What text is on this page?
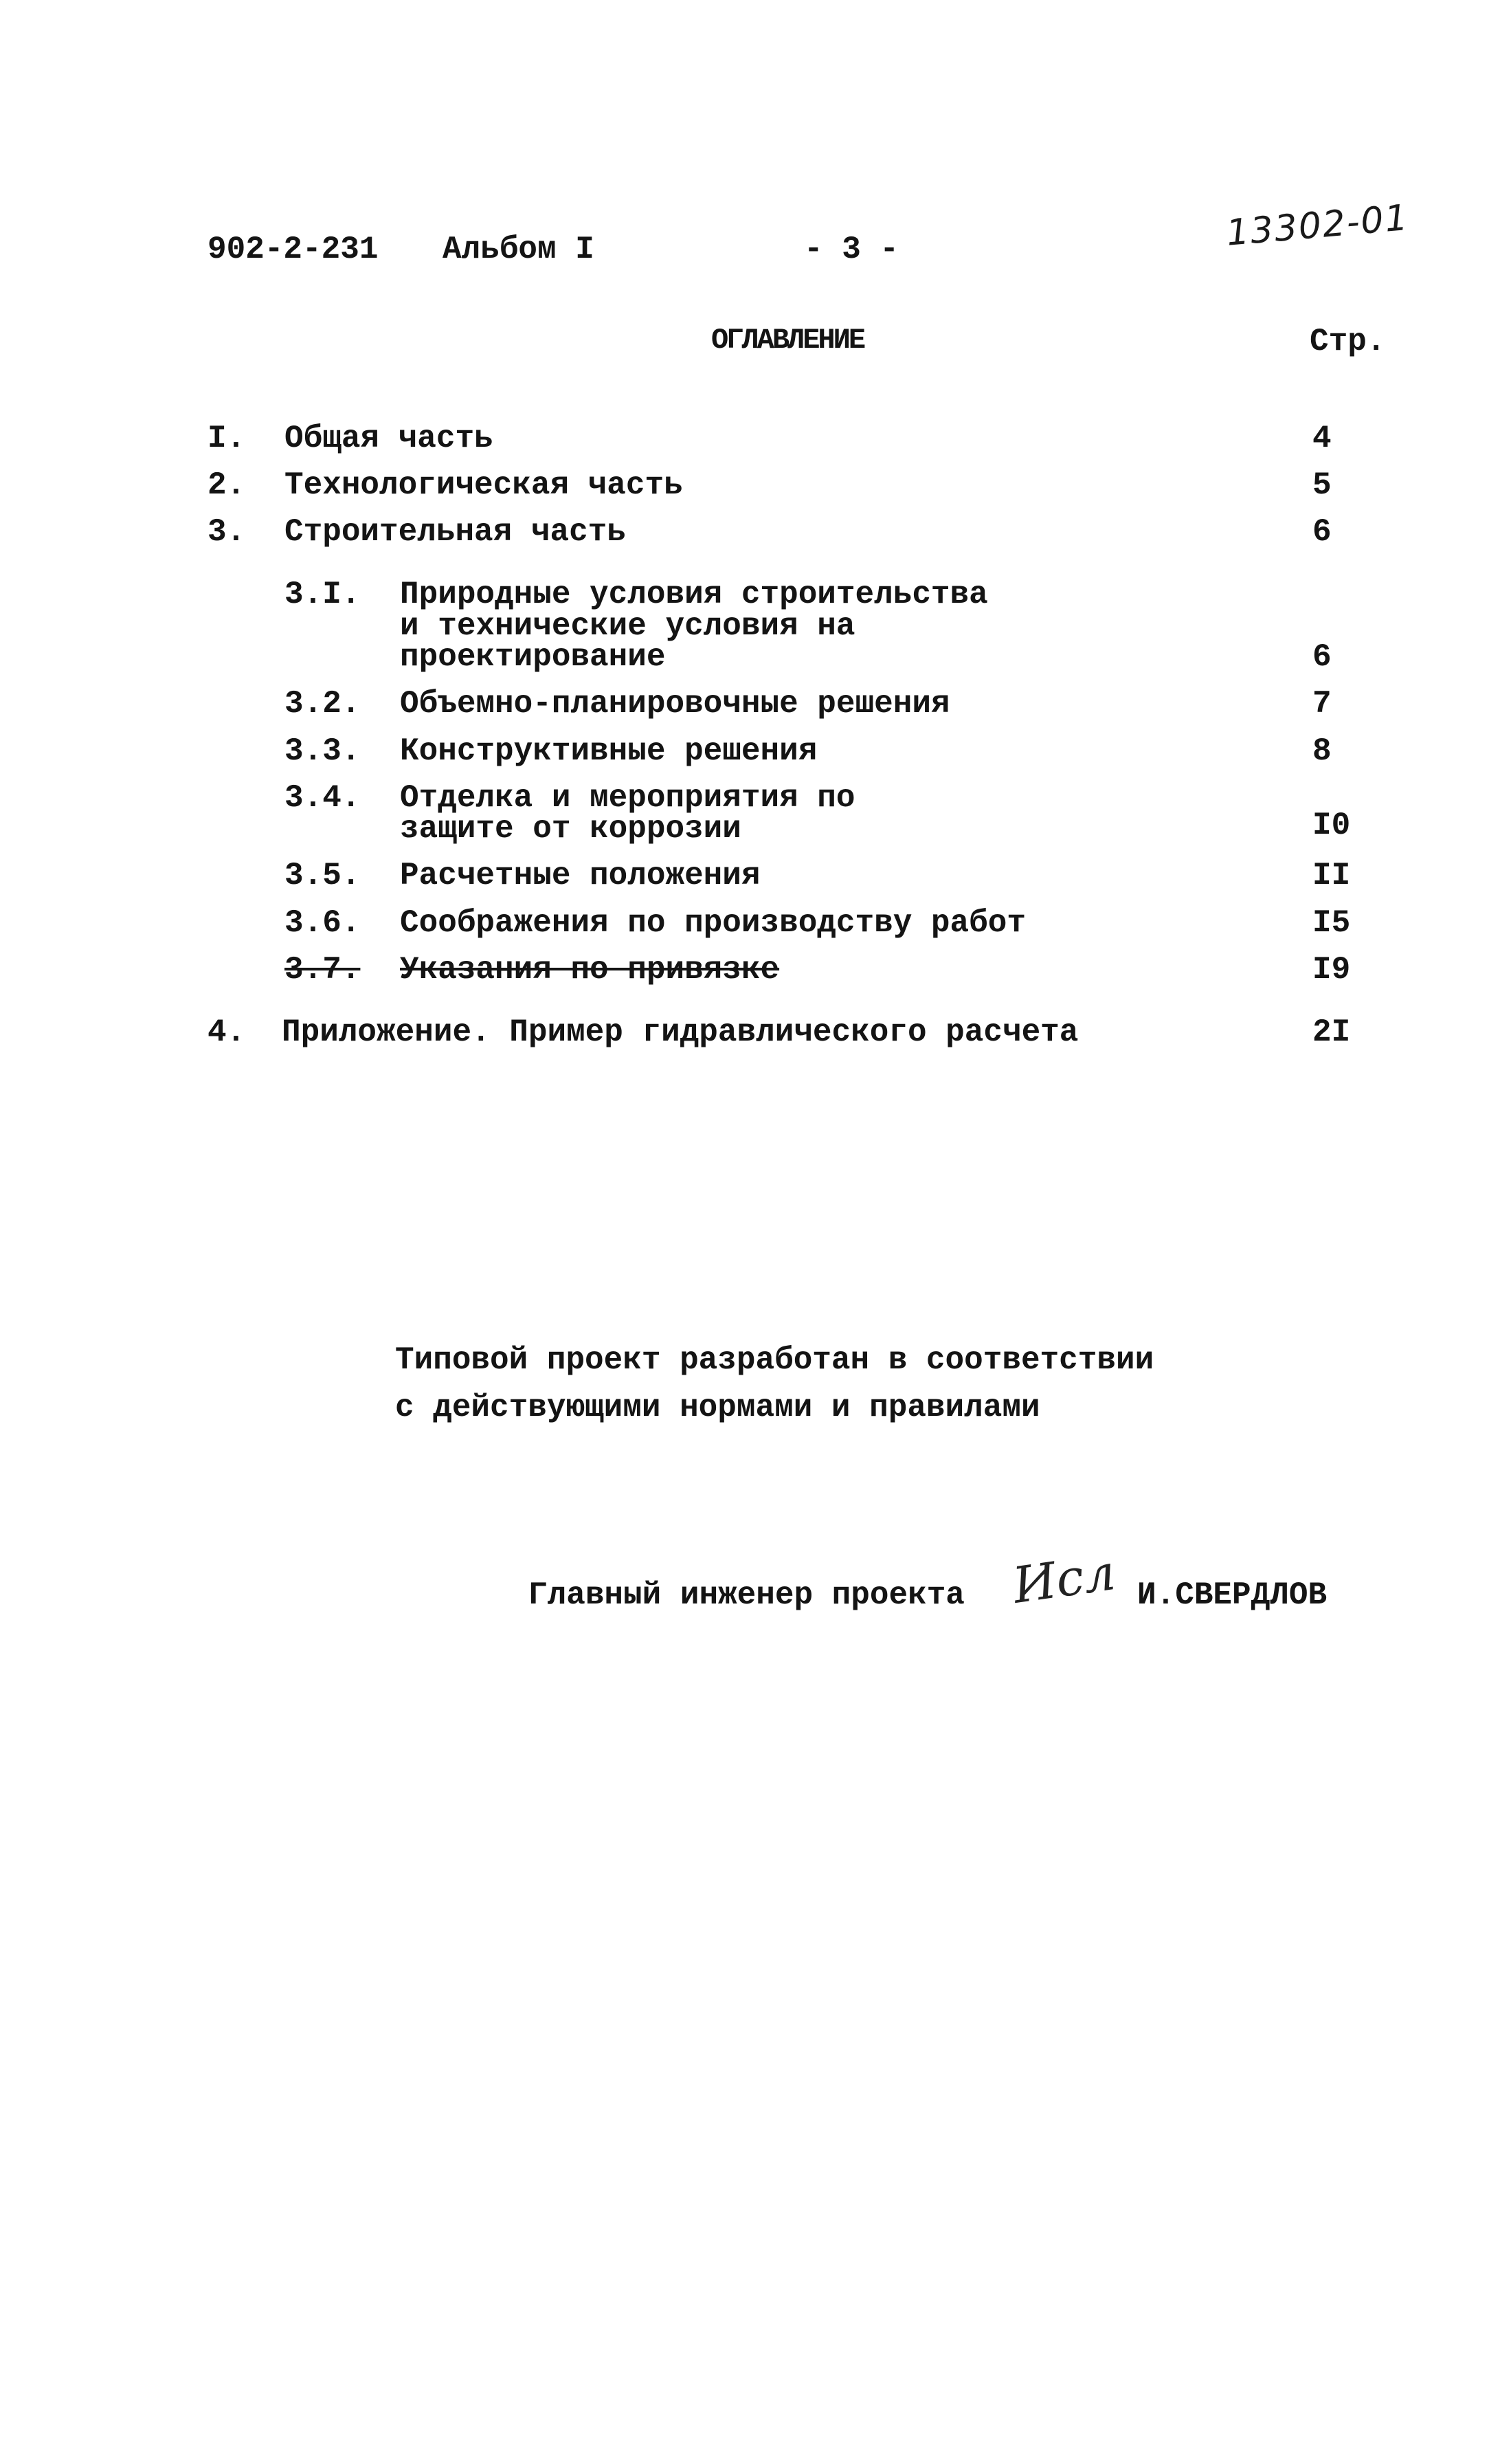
902-2-231 Альбом I	- 3 -	13302-01
ОГЛАВЛЕНИЕ	Стр.
I. Общая часть	4
2. Технологическая часть	5
3. Строительная часть	6
3.I. Природные условия строительства
и технические условия на
проектирование	6
3.2. Объемно-планировочные решения	7
3.3. Конструктивные решения	8
3.4. Отделка и мероприятия по
защите от коррозии	I0
3.5. Расчетные положения	II
3.6. Соображения по производству работ	I5
3.7.	Указания по привязке	I9
4. Приложение. Пример гидравлического расчета	2I
Типовой проект разработан в соответствии
с действующими нормами и правилами
Главный инженер проекта Исл И.СВЕРДЛОВ
